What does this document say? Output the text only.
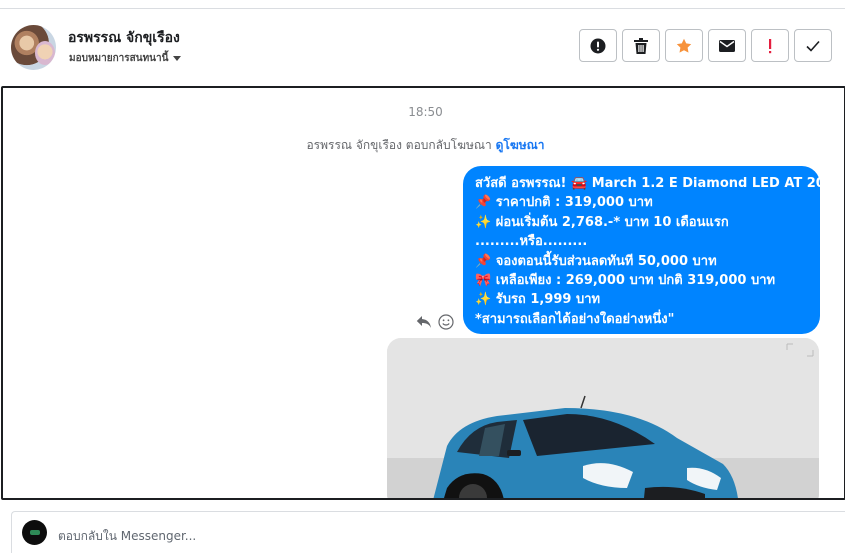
อรพรรณ จักขุเรือง
มอบหมายการสนทนานี้
18:50
อรพรรณ จักขุเรือง ตอบกลับโฆษณา ดูโฆษณา
สวัสดี อรพรรณ! 🚘 March 1.2 E Diamond LED AT 2021
📌 ราคาปกติ : 319,000 บาท
✨ ผ่อนเริ่มต้น 2,768.-* บาท 10 เดือนแรก
.........หรือ.........
📌 จองตอนนี้รับส่วนลดทันที 50,000 บาท
🎀 เหลือเพียง : 269,000 บาท ปกติ 319,000 บาท
✨ รับรถ 1,999 บาท
*สามารถเลือกได้อย่างใดอย่างหนึ่ง"
ตอบกลับใน Messenger...
